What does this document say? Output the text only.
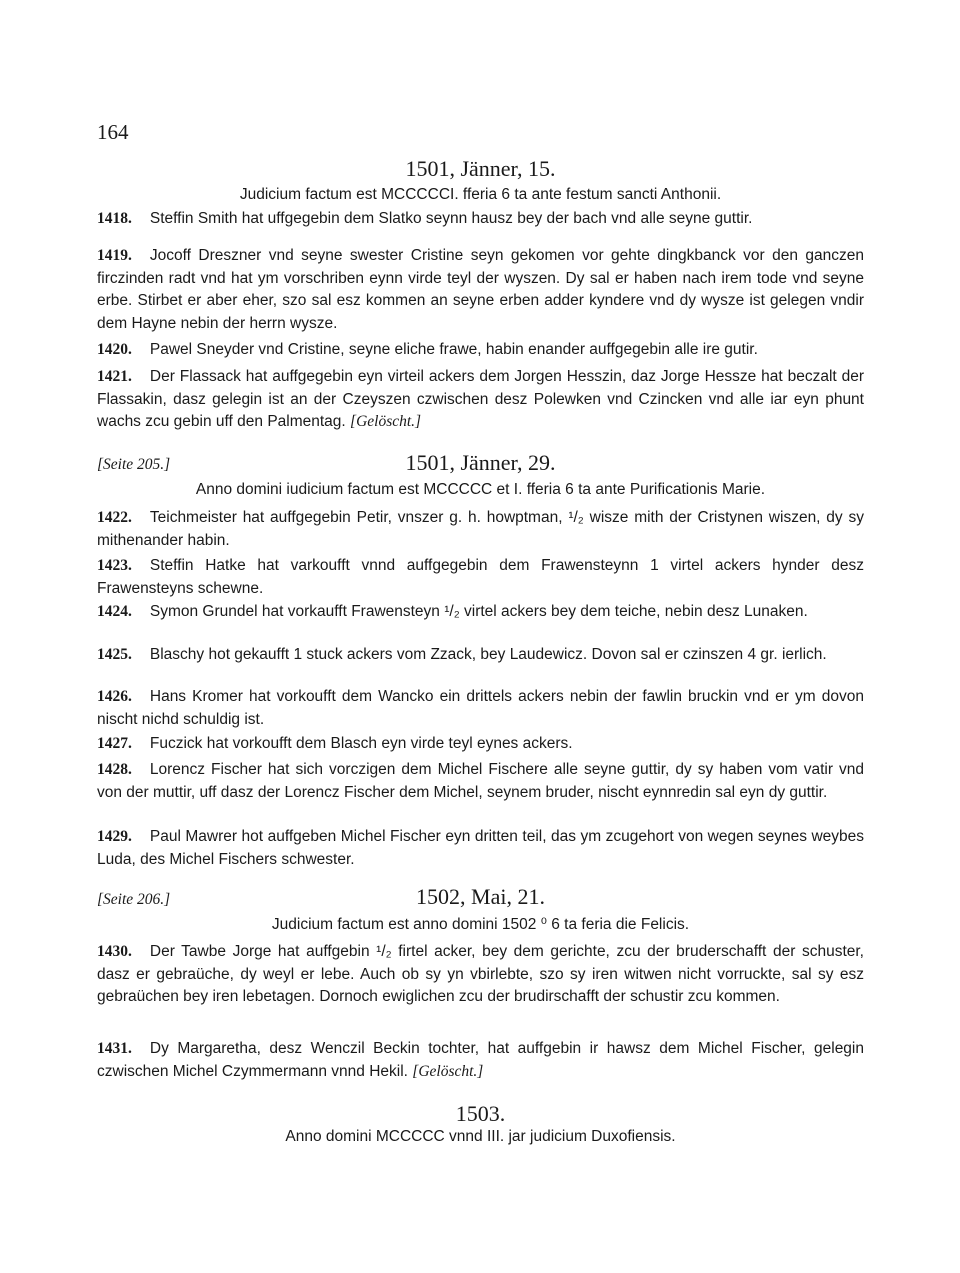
164
1501, Jänner, 15.
Judicium factum est MCCCCCI. fferia 6 ta ante festum sancti Anthonii.
1418. Steffin Smith hat uffgegebin dem Slatko seynn hausz bey der bach vnd alle seyne guttir.
1419. Jocoff Dreszner vnd seyne swester Cristine seyn gekomen vor gehte dingkbanck vor den ganczen firczinden radt vnd hat ym vorschriben eynn virde teyl der wyszen. Dy sal er haben nach irem tode vnd seyne erbe. Stirbet er aber eher, szo sal esz kommen an seyne erben adder kyndere vnd dy wysze ist gelegen vndir dem Hayne nebin der herrn wysze.
1420. Pawel Sneyder vnd Cristine, seyne eliche frawe, habin enander auffgegebin alle ire gutir.
1421. Der Flassack hat auffgegebin eyn virteil ackers dem Jorgen Hesszin, daz Jorge Hessze hat beczalt der Flassakin, dasz gelegin ist an der Czeyszen czwischen desz Polewken vnd Czincken vnd alle iar eyn phunt wachs zcu gebin uff den Palmentag. [Gelöscht.]
[Seite 205.]	1501, Jänner, 29.
Anno domini iudicium factum est MCCCCC et I. fferia 6 ta ante Purificationis Marie.
1422. Teichmeister hat auffgegebin Petir, vnszer g. h. howptman, ¹/₂ wisze mith der Cristynen wiszen, dy sy mithenander habin.
1423. Steffin Hatke hat varkoufft vnnd auffgegebin dem Frawensteynn 1 virtel ackers hynder desz Frawensteyns schewne.
1424. Symon Grundel hat vorkaufft Frawensteyn ¹/₂ virtel ackers bey dem teiche, nebin desz Lunaken.
1425. Blaschy hot gekaufft 1 stuck ackers vom Zzack, bey Laudewicz. Dovon sal er czinszen 4 gr. ierlich.
1426. Hans Kromer hat vorkoufft dem Wancko ein drittels ackers nebin der fawlin bruckin vnd er ym dovon nischt nichd schuldig ist.
1427. Fuczick hat vorkoufft dem Blasch eyn virde teyl eynes ackers.
1428. Lorencz Fischer hat sich vorczigen dem Michel Fischere alle seyne guttir, dy sy haben vom vatir vnd von der muttir, uff dasz der Lorencz Fischer dem Michel, seynem bruder, nischt eynnredin sal eyn dy guttir.
1429. Paul Mawrer hot auffgeben Michel Fischer eyn dritten teil, das ym zcugehort von wegen seynes weybes Luda, des Michel Fischers schwester.
[Seite 206.]	1502, Mai, 21.
Judicium factum est anno domini 1502 ⁰ 6 ta feria die Felicis.
1430. Der Tawbe Jorge hat auffgebin ¹/₂ firtel acker, bey dem gerichte, zcu der bruderschafft der schuster, dasz er gebraüche, dy weyl er lebe. Auch ob sy yn vbirlebte, szo sy iren witwen nicht vorruckte, sal sy esz gebraüchen bey iren lebetagen. Dornoch ewiglichen zcu der brudirschafft der schustir zcu kommen.
1431. Dy Margaretha, desz Wenczil Beckin tochter, hat auffgebin ir hawsz dem Michel Fischer, gelegin czwischen Michel Czymmermann vnnd Hekil. [Gelöscht.]
1503.
Anno domini MCCCCC vnnd III. jar judicium Duxofiensis.
